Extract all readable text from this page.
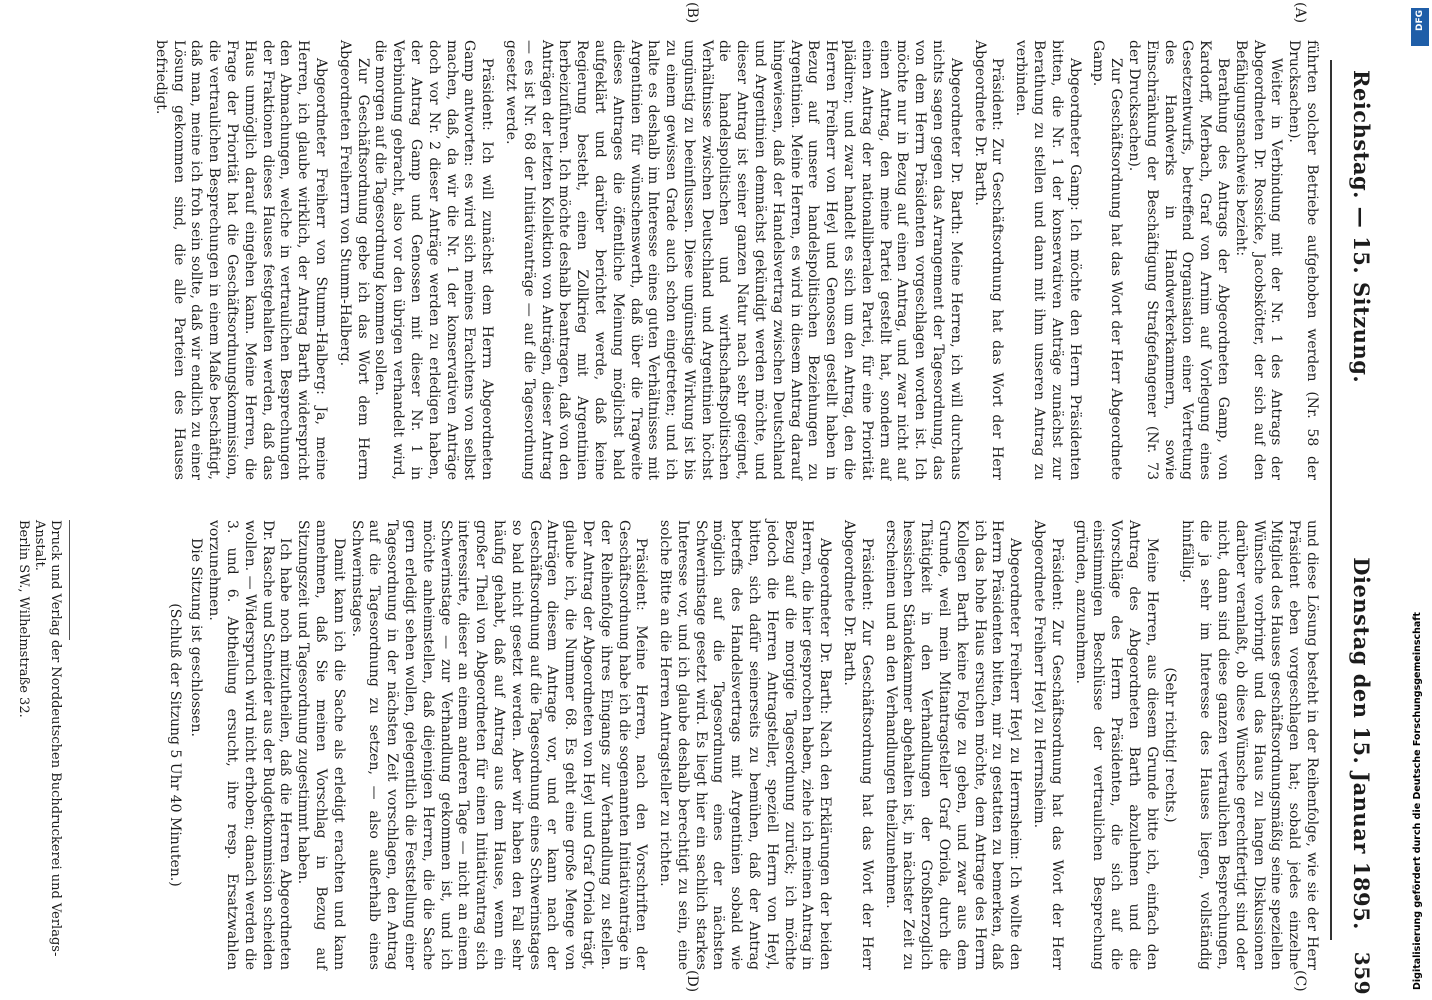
Reichstag. — 15. Sitzung.
Dienstag den 15. Januar 1895.
359
(A)
(B)
(C)
(D)

führten solcher Betriebe aufgehoben werden (Nr. 58 der Drucksachen).

Weiter in Verbindung mit der Nr. 1 des Antrags der Abgeordneten Dr. Rossicke, Jacobskötter, der sich auf den Befähigungsnachweis bezieht:

Berathung des Antrags der Abgeordneten Gamp, von Kardorff, Merbach, Graf von Arnim auf Vorlegung eines Gesetzentwurfs, betreffend Organisation einer Vertretung des Handwerks in Handwerkerkammern, sowie Einschränkung der Beschäftigung Strafgefangener (Nr. 73 der Drucksachen).

Zur Geschäftsordnung hat das Wort der Herr Abgeordnete Gamp.

Abgeordneter Gamp: Ich möchte den Herrn Präsidenten bitten, die Nr. 1 der konservativen Anträge zunächst zur Berathung zu stellen und dann mit ihm unseren Antrag zu verbinden.

Präsident: Zur Geschäftsordnung hat das Wort der Herr Abgeordnete Dr. Barth.

Abgeordneter Dr. Barth: Meine Herren, ich will durchaus nichts sagen gegen das Arrangement der Tagesordnung, das von dem Herrn Präsidenten vorgeschlagen worden ist. Ich möchte nur in Bezug auf einen Antrag, und zwar nicht auf einen Antrag, den meine Partei gestellt hat, sondern auf einen Antrag der nationalliberalen Partei, für eine Priorität plädiren; und zwar handelt es sich um den Antrag, den die Herren Freiherr von Heyl und Genossen gestellt haben in Bezug auf unsere handelspolitischen Beziehungen zu Argentinien. Meine Herren, es wird in diesem Antrag darauf hingewiesen, daß der Handelsvertrag zwischen Deutschland und Argentinien demnächst gekündigt werden möchte, und dieser Antrag ist seiner ganzen Natur nach sehr geeignet, die handelspolitischen und wirthschaftspolitischen Verhältnisse zwischen Deutschland und Argentinien höchst ungünstig zu beeinflussen. Diese ungünstige Wirkung ist bis zu einem gewissen Grade auch schon eingetreten; und ich halte es deshalb im Interesse eines guten Verhältnisses mit Argentinien für wünschenswerth, daß über die Tragweite dieses Antrages die öffentliche Meinung möglichst bald aufgeklärt und darüber berichtet werde, daß keine Regierung besteht, einen Zollkrieg mit Argentinien herbeizuführen. Ich möchte deshalb beantragen, daß von den Anträgen der letzten Kollektion von Anträgen, dieser Antrag — es ist Nr. 68 der Initiativanträge — auf die Tagesordnung gesetzt werde.

Präsident: Ich will zunächst dem Herrn Abgeordneten Gamp antworten: es wird sich meines Erachtens von selbst machen, daß, da wir die Nr. 1 der konservativen Anträge doch vor Nr. 2 dieser Anträge werden zu erledigen haben, der Antrag Gamp und Genossen mit dieser Nr. 1 in Verbindung gebracht, also vor den übrigen verhandelt wird, die morgen auf die Tagesordnung kommen sollen.

Zur Geschäftsordnung gebe ich das Wort dem Herrn Abgeordneten Freiherrn von Stumm-Halberg.

Abgeordneter Freiherr von Stumm-Halberg: Ja, meine Herren, ich glaube wirklich, der Antrag Barth widerspricht den Abmachungen, welche in vertraulichen Besprechungen der Fraktionen dieses Hauses festgehalten werden, daß das Haus unmöglich darauf eingehen kann. Meine Herren, die Frage der Priorität hat die Geschäftsordnungskommission, die vertraulichen Besprechungen in einem Maße beschäftigt, daß man, meine ich froh sein sollte, daß wir endlich zu einer Lösung gekommen sind, die alle Parteien des Hauses befriedigt.

und diese Lösung besteht in der Reihenfolge, wie sie der Herr Präsident eben vorgeschlagen hat; sobald jedes einzelne Mitglied des Hauses geschäftsordnungsmäßig seine speziellen Wünsche vorbringt und das Haus zu langen Diskussionen darüber veranlaßt, ob diese Wünsche gerechtfertigt sind oder nicht, dann sind diese ganzen vertraulichen Besprechungen, die ja sehr im Interesse des Hauses liegen, vollständig hinfällig.

(Sehr richtig! rechts.)

Meine Herren, aus diesem Grunde bitte ich, einfach den Antrag des Abgeordneten Barth abzulehnen und die Vorschläge des Herrn Präsidenten, die sich auf die einstimmigen Beschlüsse der vertraulichen Besprechung gründen, anzunehmen.

Präsident: Zur Geschäftsordnung hat das Wort der Herr Abgeordnete Freiherr Heyl zu Herrnsheim.

Abgeordneter Freiherr Heyl zu Herrnsheim: Ich wollte den Herrn Präsidenten bitten, mir zu gestatten zu bemerken, daß ich das hohe Haus ersuchen möchte, dem Antrage des Herrn Kollegen Barth keine Folge zu geben, und zwar aus dem Grunde, weil mein Mitantragsteller Graf Oriola, durch die Thätigkeit in den Verhandlungen der Großherzoglich hessischen Ständekammer abgehalten ist, in nächster Zeit zu erscheinen und an den Verhandlungen theilzunehmen.

Präsident: Zur Geschäftsordnung hat das Wort der Herr Abgeordnete Dr. Barth.

Abgeordneter Dr. Barth: Nach den Erklärungen der beiden Herren, die hier gesprochen haben, ziehe ich meinen Antrag in Bezug auf die morgige Tagesordnung zurück; ich möchte jedoch die Herren Antragsteller, speziell Herrn von Heyl, bitten, sich dafür seinerseits zu bemühen, daß der Antrag betreffs des Handelsvertrags mit Argentinien sobald wie möglich auf die Tagesordnung eines der nächsten Schwerinstage gesetzt wird. Es liegt hier ein sachlich starkes Interesse vor, und ich glaube deshalb berechtigt zu sein, eine solche Bitte an die Herren Antragsteller zu richten.

Präsident: Meine Herren, nach den Vorschriften der Geschäftsordnung habe ich die sogenannten Initiativanträge in der Reihenfolge ihres Eingangs zur Verhandlung zu stellen. Der Antrag der Abgeordneten von Heyl und Graf Oriola trägt, glaube ich, die Nummer 68. Es geht eine große Menge von Anträgen diesem Antrage vor, und er kann nach der Geschäftsordnung auf die Tagesordnung eines Schwerinstages so bald nicht gesetzt werden. Aber wir haben den Fall sehr häufig gehabt, daß auf Antrag aus dem Hause, wenn ein großer Theil von Abgeordneten für einen Initiativantrag sich interessirte, dieser an einem anderen Tage — nicht an einem Schwerinstage — zur Verhandlung gekommen ist, und ich möchte anheimstellen, daß diejenigen Herren, die die Sache gern erledigt sehen wollen, gelegentlich die Feststellung einer Tagesordnung in der nächsten Zeit vorschlagen, den Antrag auf die Tagesordnung zu setzen, — also außerhalb eines Schwerinstages.

Damit kann ich die Sache als erledigt erachten und kann annehmen, daß Sie meinen Vorschlag in Bezug auf Sitzungszeit und Tagesordnung zugestimmt haben.

Ich habe noch mitzutheilen, daß die Herren Abgeordneten Dr. Rasche und Schneider aus der Budgetkommission scheiden wollen. — Widerspruch wird nicht erhoben; danach werden die 3. und 6. Abtheilung ersucht, ihre resp. Ersatzwahlen vorzunehmen.

Die Sitzung ist geschlossen.

(Schluß der Sitzung 5 Uhr 40 Minuten.)

Druck und Verlag der Norddeutschen Buchdruckerei und Verlags-Anstalt.
Berlin SW., Wilhelmstraße 32.
DFG
Digitalisierung gefördert durch die Deutsche Forschungsgemeinschaft
